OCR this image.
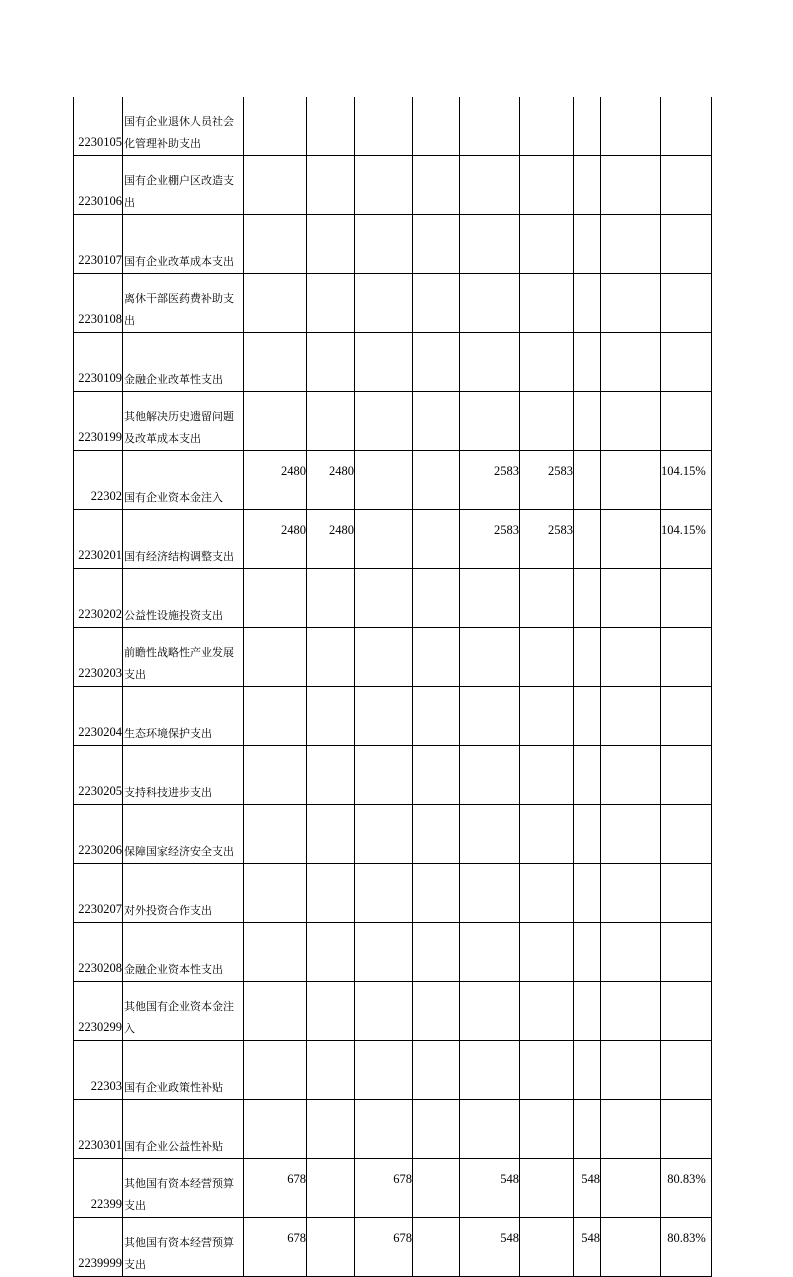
2230105	国有企业退休人员社会化管理补助支出									
2230106	国有企业棚户区改造支出									
2230107	国有企业改革成本支出									
2230108	离休干部医药费补助支出									
2230109	金融企业改革性支出									
2230199	其他解决历史遗留问题及改革成本支出									
22302	国有企业资本金注入	2480	2480			2583	2583			104.15%
2230201	国有经济结构调整支出	2480	2480			2583	2583			104.15%
2230202	公益性设施投资支出									
2230203	前瞻性战略性产业发展支出									
2230204	生态环境保护支出									
2230205	支持科技进步支出									
2230206	保障国家经济安全支出									
2230207	对外投资合作支出									
2230208	金融企业资本性支出									
2230299	其他国有企业资本金注入									
22303	国有企业政策性补贴									
2230301	国有企业公益性补贴									
22399	其他国有资本经营预算支出	678		678		548		548		80.83%
2239999	其他国有资本经营预算支出	678		678		548		548		80.83%
